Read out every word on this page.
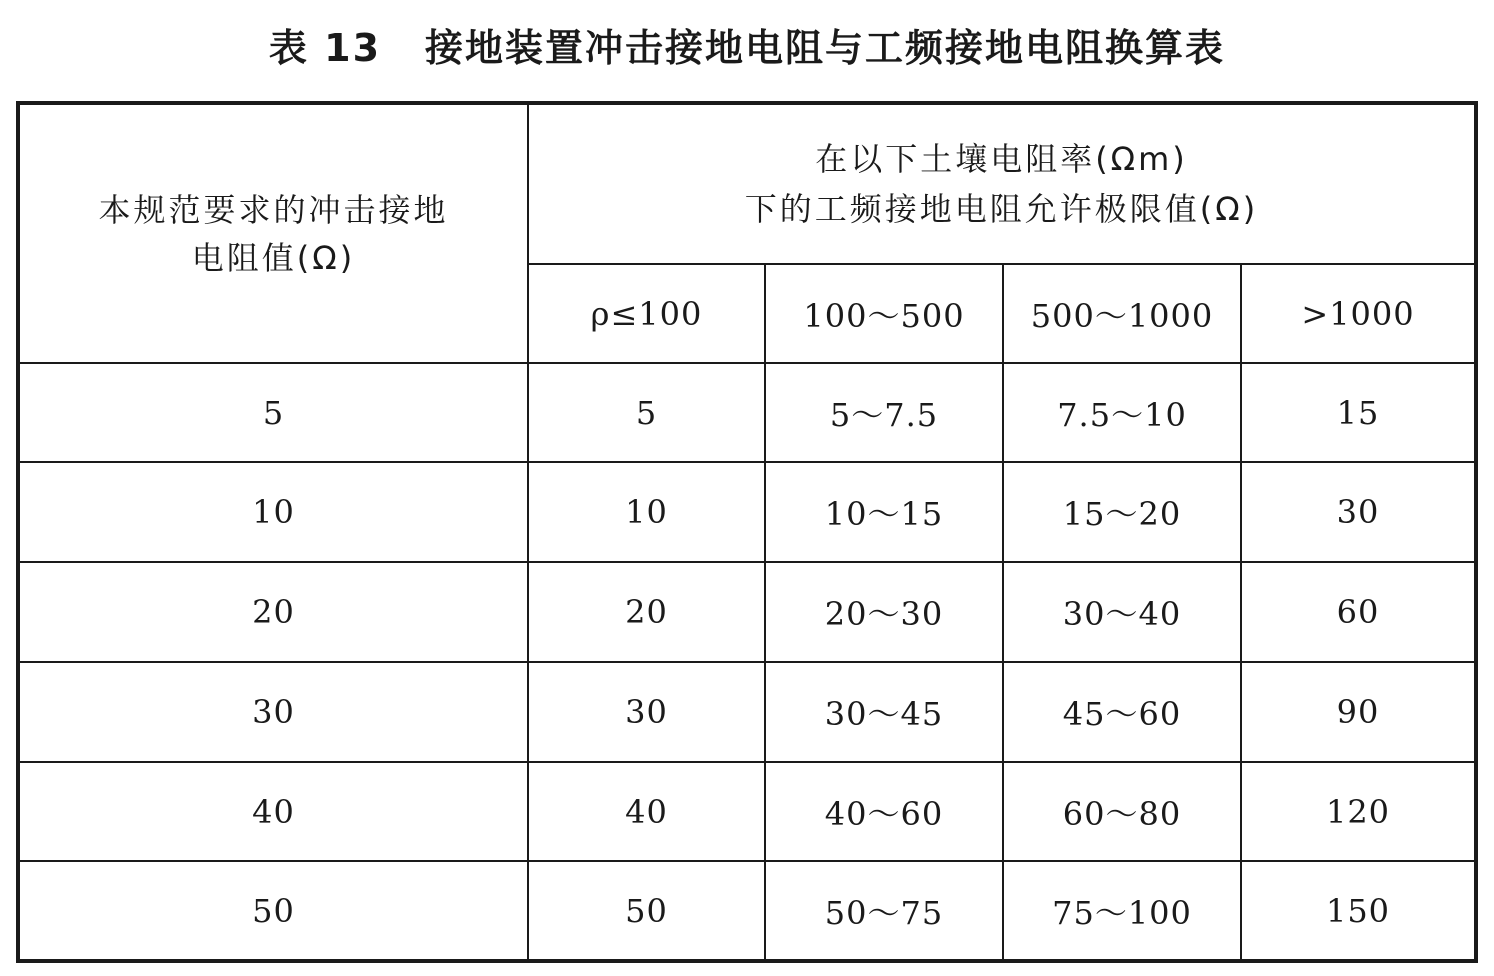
表 13 接地装置冲击接地电阻与工频接地电阻换算表
本规范要求的冲击接地
电阻值(Ω)	在以下土壤电阻率(Ωm)
下的工频接地电阻允许极限值(Ω)			

	ρ≤100	100～500	500～1000	>1000
5	5	5～7.5	7.5～10	15
10	10	10～15	15～20	30
20	20	20～30	30～40	60
30	30	30～45	45～60	90
40	40	40～60	60～80	120
50	50	50～75	75～100	150
